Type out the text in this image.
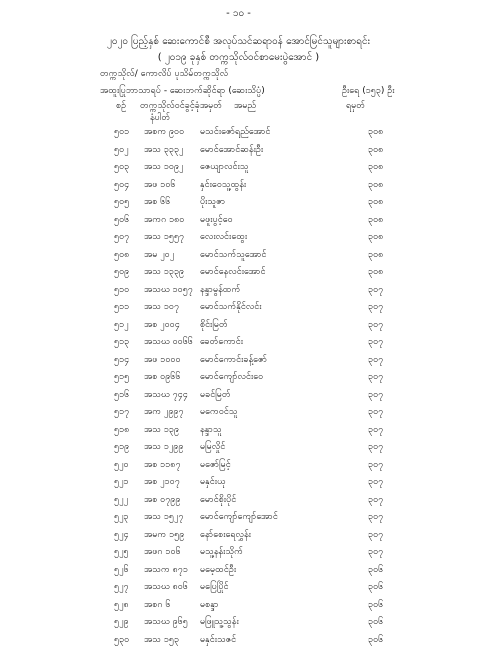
- ၁၀ -
၂၀၂၀ ပြည့်နှစ် ဆေးကောင်စီ အလုပ်သင်ဆရာဝန် အောင်မြင်သူများစာရင်း
( ၂၀၁၉ ခုနှစ် တက္ကသိုလ်ဝင်စာမေးပွဲအောင် )
တက္ကသိုလ်/ ကောလိပ် ပုသိမ်တက္ကသိုလ်
အထူးပြုဘာသာရပ် - ဆေးဘက်ဆိုင်ရာ (ဆေးသိပ္ပံ)	ဦးရေ (၁၅၃) ဦး
စဉ် တက္ကသိုလ်ဝင်ခွင့်ခုံအမှတ်
နံပါတ်
အမည်	ရမှတ်
၅၀၁ အစက ၉၀၀ မသင်းဇော်ရည်အောင်	၃၀၈
၅၀၂ အသ ၃၃၃၂ မောင်အောင်ဆန်းဦး	၃၀၈
၅၀၃ အသ ၁၀၉၂ ဇေယျာလင်းသူ	၃၀၈
၅၀၄ အဖ ၁၀၆	နှင်းဝေသူ့ထွန်း	၃၀၈
၅၀၅ အစ ၆၆	ပိုးသူဇာ	၃၀၈
၅၀၆ အကဂ ၁၈၀ မဖူးပွင့်ဝေ	၃၀၈
၅၀၇ အသ ၁၅၅၇ လေးလင်းထွေး	၃၀၈
၅၀၈ အမ ၂၀၂	မောင်သက်သူအောင်	၃၀၈
၅၀၉ အသ ၁၃၃၉ မောင်နေလင်းအောင်	၃၀၈
၅၁၀ အသဃ ၁၀၅၇ နန္ဒာမွန်ထက်	၃၀၇
၅၁၁ အသ ၁၀၇ မောင်သက်နိုင်လင်း	၃၀၇
၅၁၂ အစ ၂၀၀၄ စိုင်းမြတ်	၃၀၇
၅၁၃ အသဃ ၀၀၆၆ ခေတ်ကောင်း	၃၀၇
၅၁၄ အဖ ၁၀၀၀ မောင်ကောင်းခန့်ဇော်	၃၀၇
၅၁၅ အစ ၀၉၆၆ မောင်ကျော်လင်းဝေ	၃၀၇
၅၁၆ အသဃ ၇၄၄ မခင်မြတ်	၃၀၇
၅၁၇ အက ၂၉၉၇ မကေဝင်သူ	၃၀၇
၅၁၈ အသ ၁၃၉ နန္ဒာသူ	၃၀၇
၅၁၉ အသ ၁၂၉၉ မမြလှိုင်	၃၀၇
၅၂၀ အစ ၁၁၈၇ မဇော်မြင့်	၃၀၇
၅၂၁ အစ ၂၁၀၇ မနှင်းယု	၃၀၇
၅၂၂ အစ ၀၇၉၉ မောင်စိုးပိုင်	၃၀၇
၅၂၃ အသ ၁၅၂၇ မောင်ကျော်ကျော်အောင်	၃၀၇
၅၂၄ အမက ၁၅၉ နော်စေးရေလွှန်း	၃၀၇
၅၂၅ အဖဂ ၁၀၆ မသူ့နန်းသိုက်	၃၀၇
၅၂၆ အသက ၈၇၁ မမေ့ထင်ဦး	၃၀၆
၅၂၇ အသဃ ၈၀၆ မပြေပြိုင်	၃၀၆
၅၂၈ အစဂ ၆	မစန္ဒာ	၃၀၆
၅၂၉ အသဃ ၉၆၅ မဖြူသူ့သွန်း	၃၀၆
၅၃၀ အသ ၁၅၃ မနှင်းသဇင်	၃၀၆
